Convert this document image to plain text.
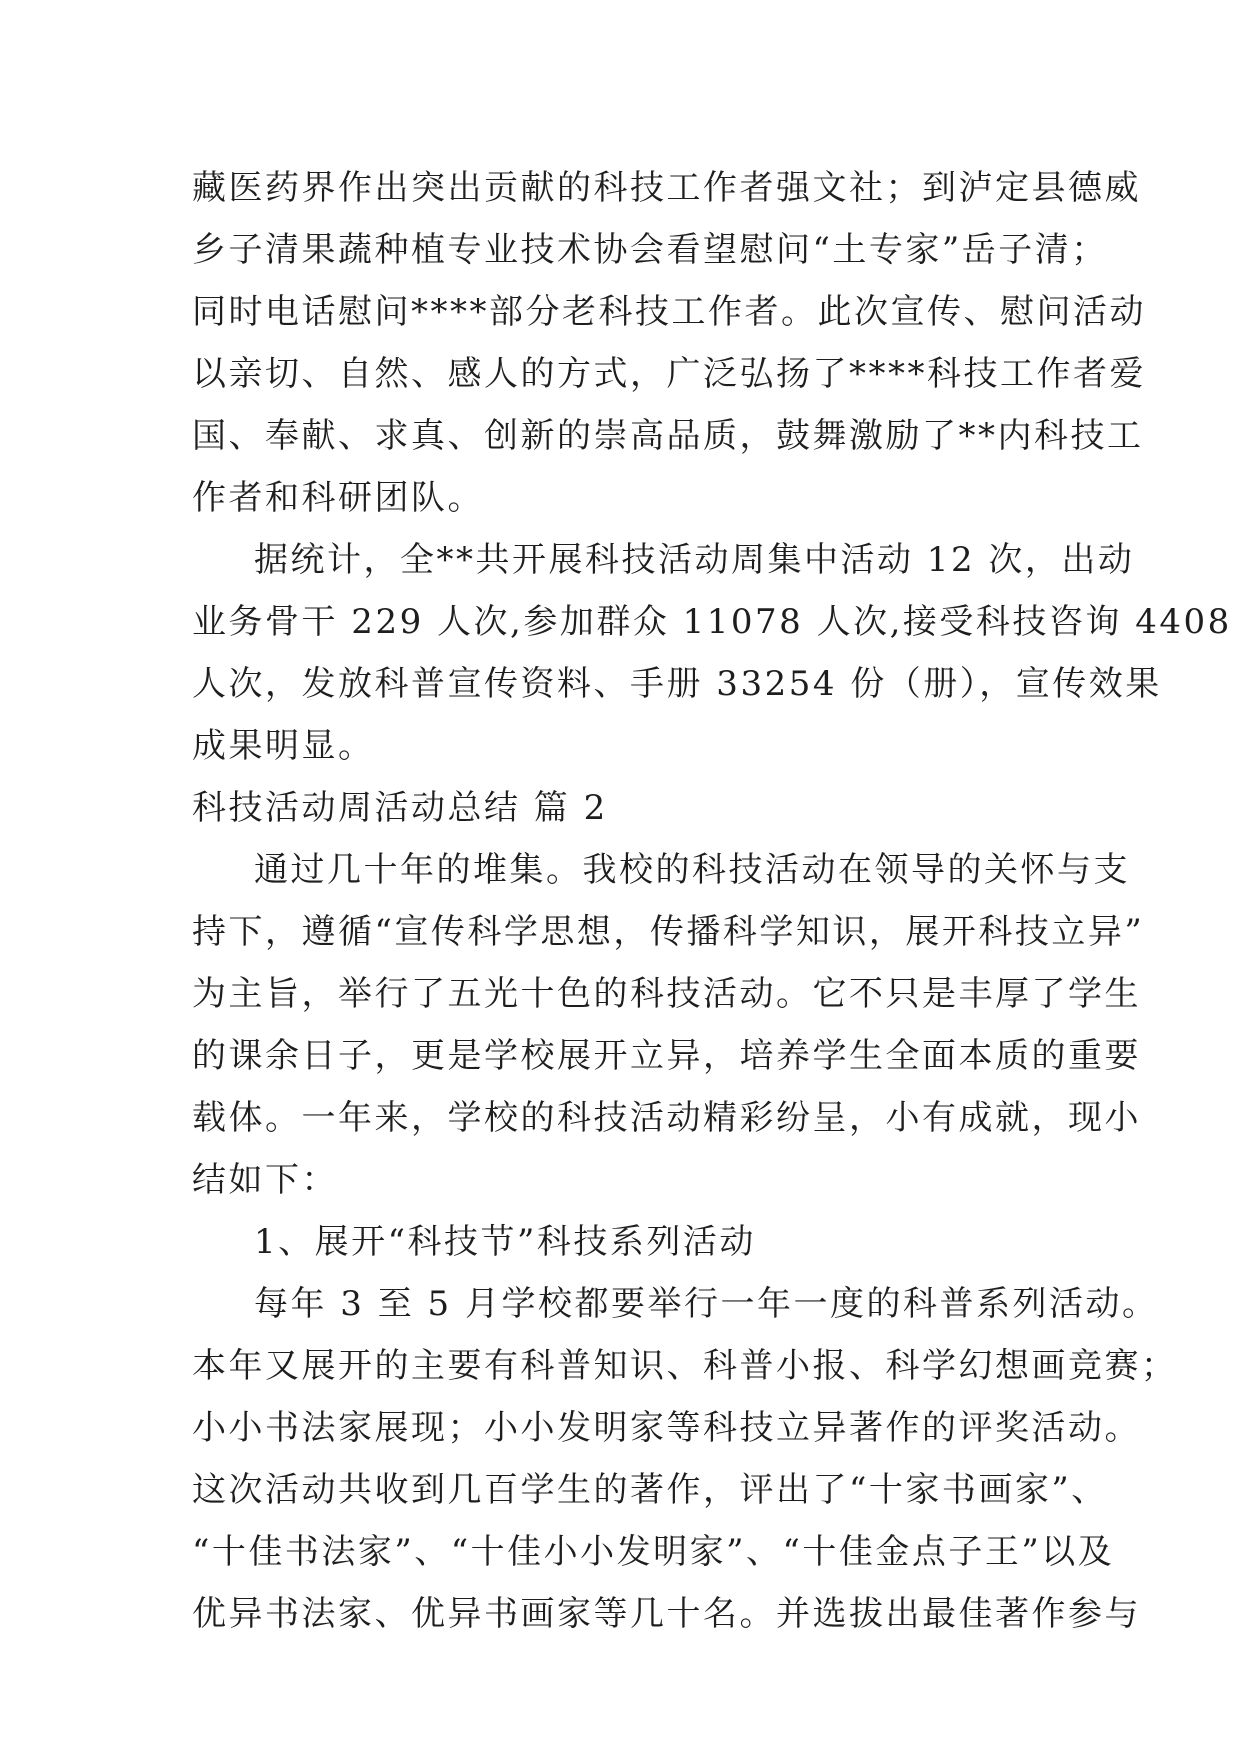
藏医药界作出突出贡献的科技工作者强文社；到泸定县德威
乡子清果蔬种植专业技术协会看望慰问“土专家”岳子清；
同时电话慰问****部分老科技工作者。此次宣传、慰问活动
以亲切、自然、感人的方式，广泛弘扬了****科技工作者爱
国、奉献、求真、创新的崇高品质，鼓舞激励了**内科技工
作者和科研团队。
据统计，全**共开展科技活动周集中活动 12 次，出动
业务骨干 229 人次,参加群众 11078 人次,接受科技咨询 4408
人次，发放科普宣传资料、手册 33254 份（册），宣传效果
成果明显。
科技活动周活动总结 篇 2
通过几十年的堆集。我校的科技活动在领导的关怀与支
持下，遵循“宣传科学思想，传播科学知识，展开科技立异”
为主旨，举行了五光十色的科技活动。它不只是丰厚了学生
的课余日子，更是学校展开立异，培养学生全面本质的重要
载体。一年来，学校的科技活动精彩纷呈，小有成就，现小
结如下：
1、展开“科技节”科技系列活动
每年 3 至 5 月学校都要举行一年一度的科普系列活动。
本年又展开的主要有科普知识、科普小报、科学幻想画竞赛；
小小书法家展现；小小发明家等科技立异著作的评奖活动。
这次活动共收到几百学生的著作，评出了“十家书画家”、
“十佳书法家”、“十佳小小发明家”、“十佳金点子王”以及
优异书法家、优异书画家等几十名。并选拔出最佳著作参与
